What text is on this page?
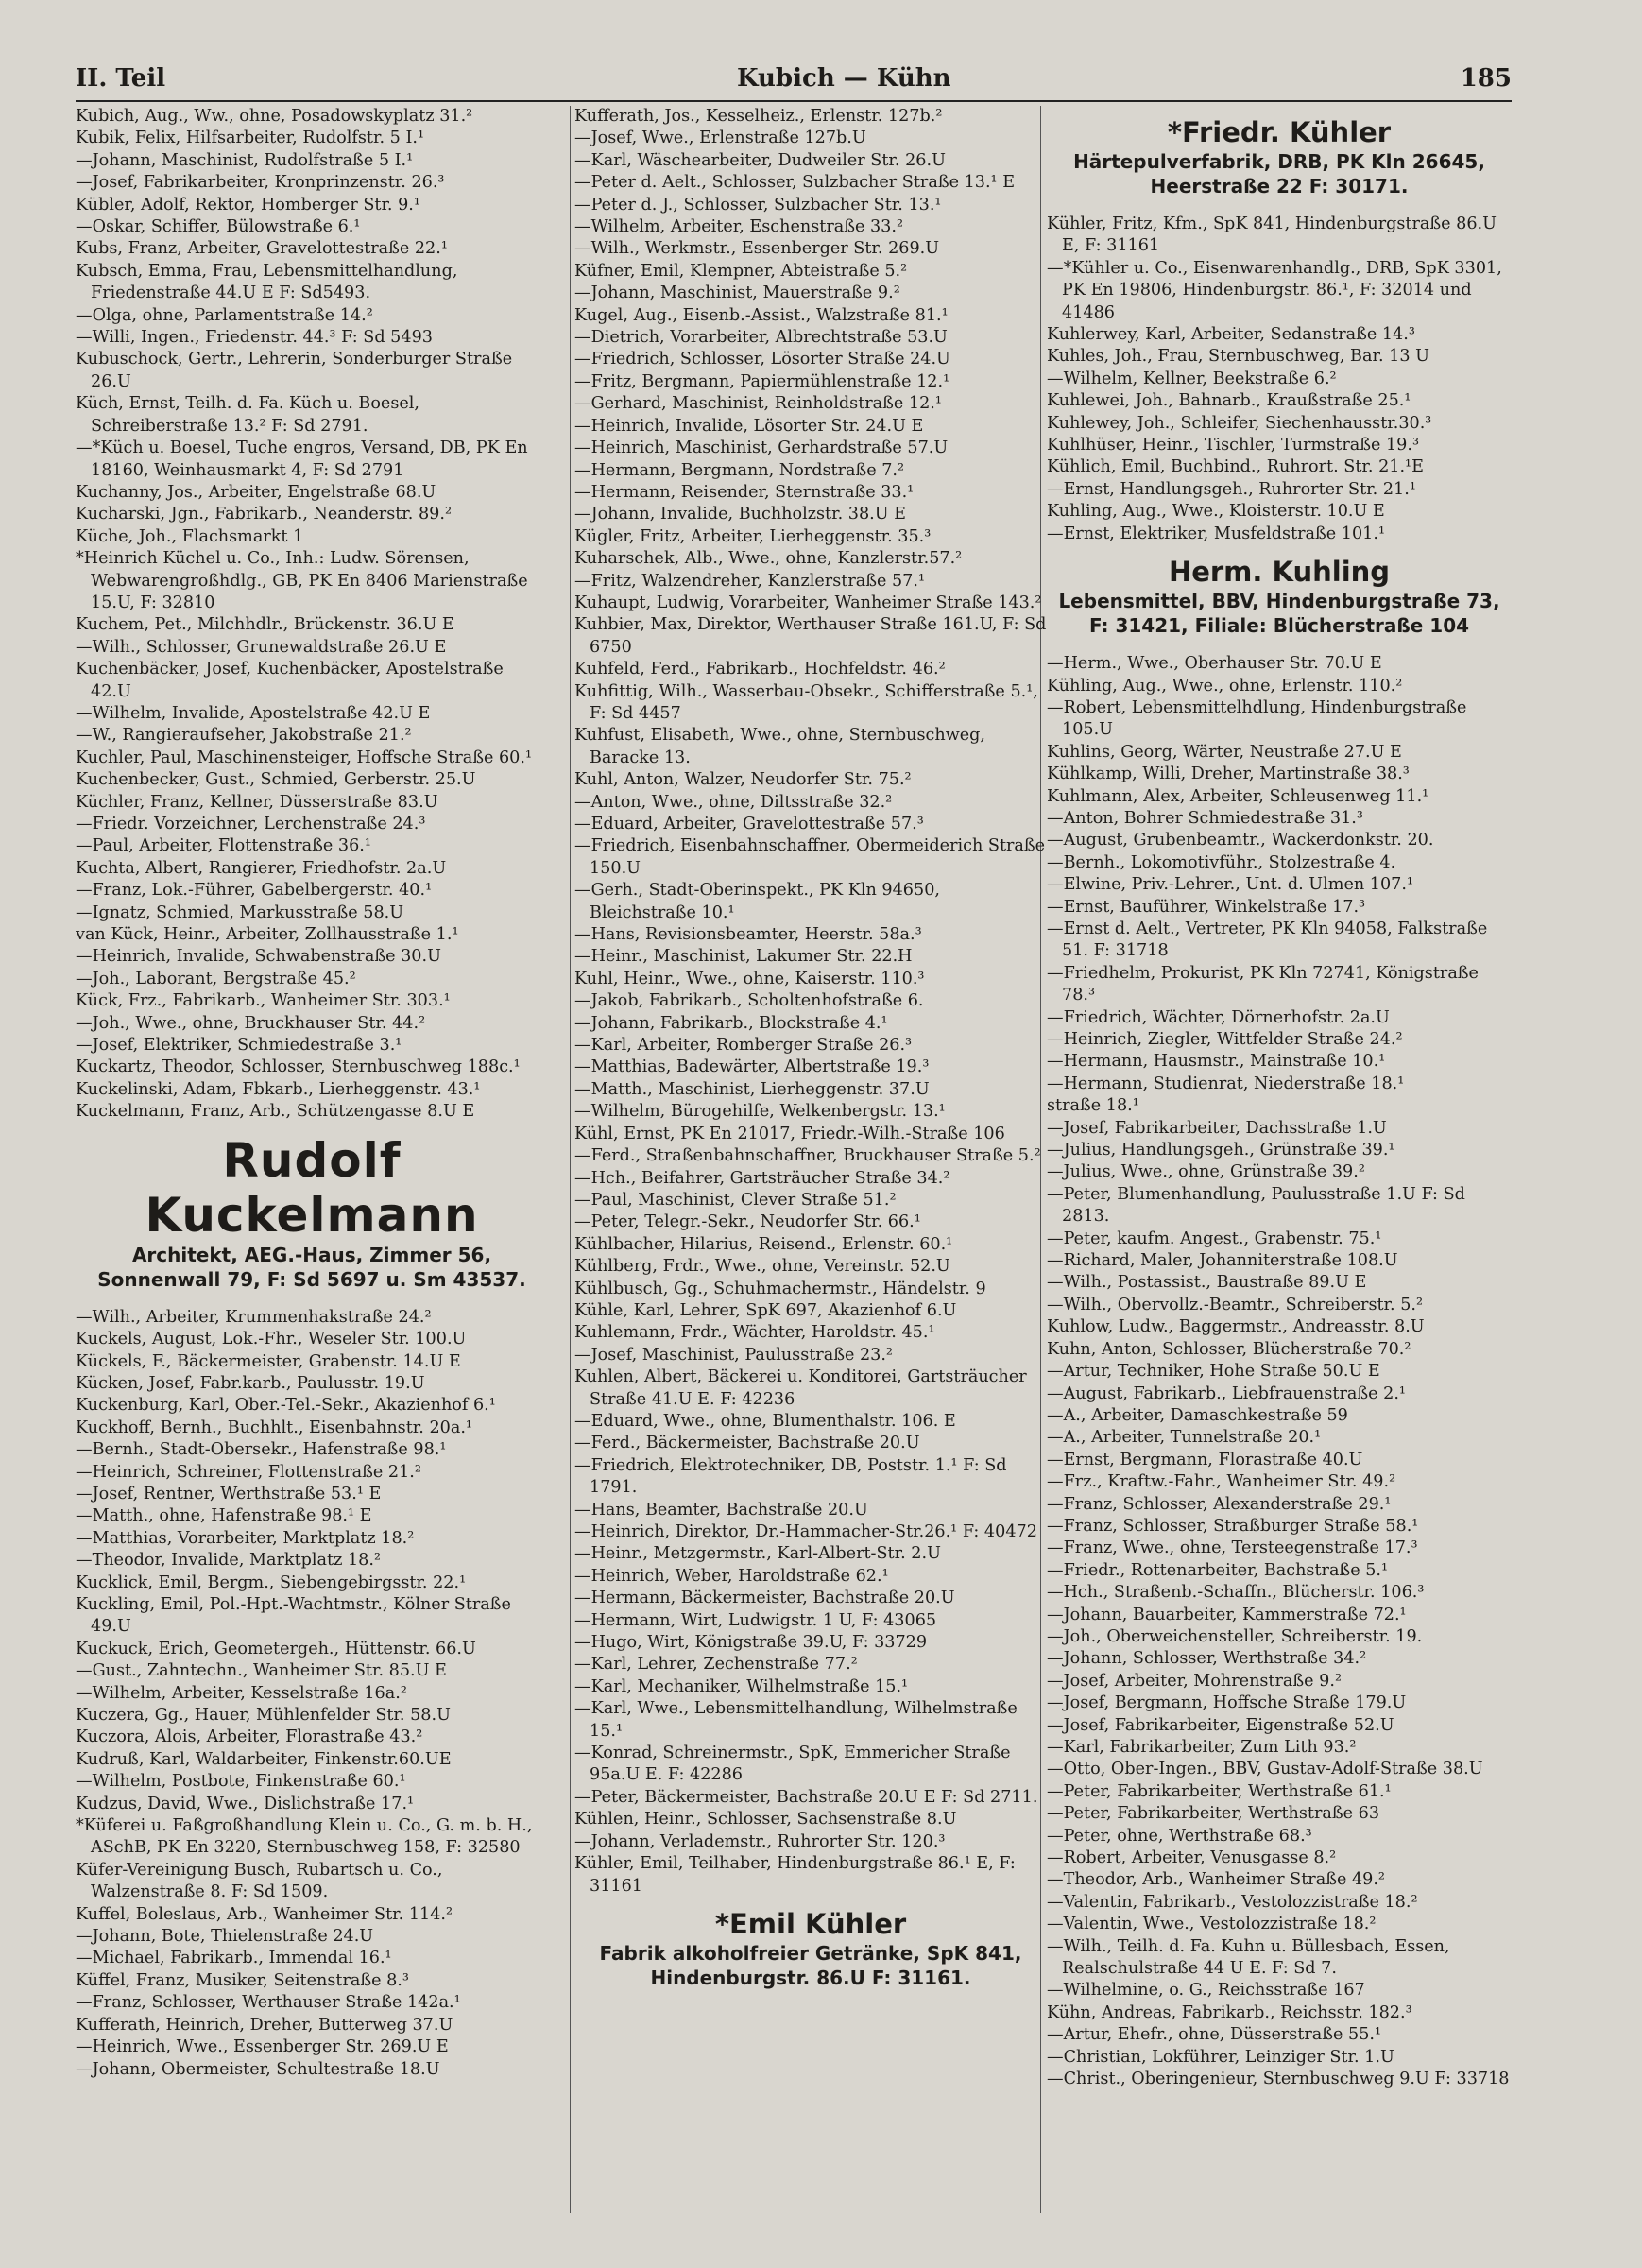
II. Teil	Kubich — Kühn	185

Kubich, Aug., Ww., ohne, Posadowskyplatz 31.²

Kubik, Felix, Hilfsarbeiter, Rudolfstr. 5 I.¹

—Johann, Maschinist, Rudolfstraße 5 I.¹

—Josef, Fabrikarbeiter, Kronprinzenstr. 26.³

Kübler, Adolf, Rektor, Homberger Str. 9.¹

—Oskar, Schiffer, Bülowstraße 6.¹

Kubs, Franz, Arbeiter, Gravelottestraße 22.¹

Kubsch, Emma, Frau, Lebensmittelhandlung, Friedenstraße 44.U E F: Sd5493.

—Olga, ohne, Parlamentstraße 14.²

—Willi, Ingen., Friedenstr. 44.³ F: Sd 5493

Kubuschock, Gertr., Lehrerin, Sonderburger Straße 26.U

Küch, Ernst, Teilh. d. Fa. Küch u. Boesel, Schreiberstraße 13.² F: Sd 2791.

—*Küch u. Boesel, Tuche engros, Versand, DB, PK En 18160, Weinhausmarkt 4, F: Sd 2791

Kuchanny, Jos., Arbeiter, Engelstraße 68.U

Kucharski, Jgn., Fabrikarb., Neanderstr. 89.²

Küche, Joh., Flachsmarkt 1

*Heinrich Küchel u. Co., Inh.: Ludw. Sörensen, Webwarengroßhdlg., GB, PK En 8406 Marienstraße 15.U, F: 32810

Kuchem, Pet., Milchhdlr., Brückenstr. 36.U E

—Wilh., Schlosser, Grunewaldstraße 26.U E

Kuchenbäcker, Josef, Kuchenbäcker, Apostelstraße 42.U

—Wilhelm, Invalide, Apostelstraße 42.U E

—W., Rangieraufseher, Jakobstraße 21.²

Kuchler, Paul, Maschinensteiger, Hoffsche Straße 60.¹

Kuchenbecker, Gust., Schmied, Gerberstr. 25.U

Küchler, Franz, Kellner, Düsserstraße 83.U

—Friedr. Vorzeichner, Lerchenstraße 24.³

—Paul, Arbeiter, Flottenstraße 36.¹

Kuchta, Albert, Rangierer, Friedhofstr. 2a.U

—Franz, Lok.-Führer, Gabelbergerstr. 40.¹

—Ignatz, Schmied, Markusstraße 58.U

van Kück, Heinr., Arbeiter, Zollhausstraße 1.¹

—Heinrich, Invalide, Schwabenstraße 30.U

—Joh., Laborant, Bergstraße 45.²

Kück, Frz., Fabrikarb., Wanheimer Str. 303.¹

—Joh., Wwe., ohne, Bruckhauser Str. 44.²

—Josef, Elektriker, Schmiedestraße 3.¹

Kuckartz, Theodor, Schlosser, Sternbuschweg 188c.¹

Kuckelinski, Adam, Fbkarb., Lierheggenstr. 43.¹

Kuckelmann, Franz, Arb., Schützengasse 8.U E

Rudolf Kuckelmann
Architekt, AEG.-Haus, Zimmer 56,
Sonnenwall 79, F: Sd 5697 u. Sm 43537.

—Wilh., Arbeiter, Krummenhakstraße 24.²

Kuckels, August, Lok.-Fhr., Weseler Str. 100.U

Kückels, F., Bäckermeister, Grabenstr. 14.U E

Kücken, Josef, Fabr.karb., Paulusstr. 19.U

Kuckenburg, Karl, Ober.-Tel.-Sekr., Akazienhof 6.¹

Kuckhoff, Bernh., Buchhlt., Eisenbahnstr. 20a.¹

—Bernh., Stadt-Obersekr., Hafenstraße 98.¹

—Heinrich, Schreiner, Flottenstraße 21.²

—Josef, Rentner, Werthstraße 53.¹ E

—Matth., ohne, Hafenstraße 98.¹ E

—Matthias, Vorarbeiter, Marktplatz 18.²

—Theodor, Invalide, Marktplatz 18.²

Kucklick, Emil, Bergm., Siebengebirgsstr. 22.¹

Kuckling, Emil, Pol.-Hpt.-Wachtmstr., Kölner Straße 49.U

Kuckuck, Erich, Geometergeh., Hüttenstr. 66.U

—Gust., Zahntechn., Wanheimer Str. 85.U E

—Wilhelm, Arbeiter, Kesselstraße 16a.²

Kuczera, Gg., Hauer, Mühlenfelder Str. 58.U

Kuczora, Alois, Arbeiter, Florastraße 43.²

Kudruß, Karl, Waldarbeiter, Finkenstr.60.UE

—Wilhelm, Postbote, Finkenstraße 60.¹

Kudzus, David, Wwe., Dislichstraße 17.¹

*Küferei u. Faßgroßhandlung Klein u. Co., G. m. b. H., ASchB, PK En 3220, Sternbuschweg 158, F: 32580

Küfer-Vereinigung Busch, Rubartsch u. Co., Walzenstraße 8. F: Sd 1509.

Kuffel, Boleslaus, Arb., Wanheimer Str. 114.²

—Johann, Bote, Thielenstraße 24.U

—Michael, Fabrikarb., Immendal 16.¹

Küffel, Franz, Musiker, Seitenstraße 8.³

—Franz, Schlosser, Werthauser Straße 142a.¹

Kufferath, Heinrich, Dreher, Butterweg 37.U

—Heinrich, Wwe., Essenberger Str. 269.U E

—Johann, Obermeister, Schultestraße 18.U

Kufferath, Jos., Kesselheiz., Erlenstr. 127b.²

—Josef, Wwe., Erlenstraße 127b.U

—Karl, Wäschearbeiter, Dudweiler Str. 26.U

—Peter d. Aelt., Schlosser, Sulzbacher Straße 13.¹ E

—Peter d. J., Schlosser, Sulzbacher Str. 13.¹

—Wilhelm, Arbeiter, Eschenstraße 33.²

—Wilh., Werkmstr., Essenberger Str. 269.U

Küfner, Emil, Klempner, Abteistraße 5.²

—Johann, Maschinist, Mauerstraße 9.²

Kugel, Aug., Eisenb.-Assist., Walzstraße 81.¹

—Dietrich, Vorarbeiter, Albrechtstraße 53.U

—Friedrich, Schlosser, Lösorter Straße 24.U

—Fritz, Bergmann, Papiermühlenstraße 12.¹

—Gerhard, Maschinist, Reinholdstraße 12.¹

—Heinrich, Invalide, Lösorter Str. 24.U E

—Heinrich, Maschinist, Gerhardstraße 57.U

—Hermann, Bergmann, Nordstraße 7.²

—Hermann, Reisender, Sternstraße 33.¹

—Johann, Invalide, Buchholzstr. 38.U E

Kügler, Fritz, Arbeiter, Lierheggenstr. 35.³

Kuharschek, Alb., Wwe., ohne, Kanzlerstr.57.²

—Fritz, Walzendreher, Kanzlerstraße 57.¹

Kuhaupt, Ludwig, Vorarbeiter, Wanheimer Straße 143.²

Kuhbier, Max, Direktor, Werthauser Straße 161.U, F: Sd 6750

Kuhfeld, Ferd., Fabrikarb., Hochfeldstr. 46.²

Kuhfittig, Wilh., Wasserbau-Obsekr., Schifferstraße 5.¹, F: Sd 4457

Kuhfust, Elisabeth, Wwe., ohne, Sternbuschweg, Baracke 13.

Kuhl, Anton, Walzer, Neudorfer Str. 75.²

—Anton, Wwe., ohne, Diltsstraße 32.²

—Eduard, Arbeiter, Gravelottestraße 57.³

—Friedrich, Eisenbahnschaffner, Obermeiderich Straße 150.U

—Gerh., Stadt-Oberinspekt., PK Kln 94650, Bleichstraße 10.¹

—Hans, Revisionsbeamter, Heerstr. 58a.³

—Heinr., Maschinist, Lakumer Str. 22.H

Kuhl, Heinr., Wwe., ohne, Kaiserstr. 110.³

—Jakob, Fabrikarb., Scholtenhofstraße 6.

—Johann, Fabrikarb., Blockstraße 4.¹

—Karl, Arbeiter, Romberger Straße 26.³

—Matthias, Badewärter, Albertstraße 19.³

—Matth., Maschinist, Lierheggenstr. 37.U

—Wilhelm, Bürogehilfe, Welkenbergstr. 13.¹

Kühl, Ernst, PK En 21017, Friedr.-Wilh.-Straße 106

—Ferd., Straßenbahnschaffner, Bruckhauser Straße 5.²

—Hch., Beifahrer, Gartsträucher Straße 34.²

—Paul, Maschinist, Clever Straße 51.²

—Peter, Telegr.-Sekr., Neudorfer Str. 66.¹

Kühlbacher, Hilarius, Reisend., Erlenstr. 60.¹

Kühlberg, Frdr., Wwe., ohne, Vereinstr. 52.U

Kühlbusch, Gg., Schuhmachermstr., Händelstr. 9

Kühle, Karl, Lehrer, SpK 697, Akazienhof 6.U

Kuhlemann, Frdr., Wächter, Haroldstr. 45.¹

—Josef, Maschinist, Paulusstraße 23.²

Kuhlen, Albert, Bäckerei u. Konditorei, Gartsträucher Straße 41.U E. F: 42236

—Eduard, Wwe., ohne, Blumenthalstr. 106. E

—Ferd., Bäckermeister, Bachstraße 20.U

—Friedrich, Elektrotechniker, DB, Poststr. 1.¹ F: Sd 1791.

—Hans, Beamter, Bachstraße 20.U

—Heinrich, Direktor, Dr.-Hammacher-Str.26.¹ F: 40472

—Heinr., Metzgermstr., Karl-Albert-Str. 2.U

—Heinrich, Weber, Haroldstraße 62.¹

—Hermann, Bäckermeister, Bachstraße 20.U

—Hermann, Wirt, Ludwigstr. 1 U, F: 43065

—Hugo, Wirt, Königstraße 39.U, F: 33729

—Karl, Lehrer, Zechenstraße 77.²

—Karl, Mechaniker, Wilhelmstraße 15.¹

—Karl, Wwe., Lebensmittelhandlung, Wilhelmstraße 15.¹

—Konrad, Schreinermstr., SpK, Emmericher Straße 95a.U E. F: 42286

—Peter, Bäckermeister, Bachstraße 20.U E F: Sd 2711.

Kühlen, Heinr., Schlosser, Sachsenstraße 8.U

—Johann, Verlademstr., Ruhrorter Str. 120.³

Kühler, Emil, Teilhaber, Hindenburgstraße 86.¹ E, F: 31161

*Emil Kühler
Fabrik alkoholfreier Getränke, SpK 841,
Hindenburgstr. 86.U F: 31161.
*Friedr. Kühler
Härtepulverfabrik, DRB, PK Kln 26645,
Heerstraße 22 F: 30171.

Kühler, Fritz, Kfm., SpK 841, Hindenburgstraße 86.U E, F: 31161

—*Kühler u. Co., Eisenwarenhandlg., DRB, SpK 3301, PK En 19806, Hindenburgstr. 86.¹, F: 32014 und 41486

Kuhlerwey, Karl, Arbeiter, Sedanstraße 14.³

Kuhles, Joh., Frau, Sternbuschweg, Bar. 13 U

—Wilhelm, Kellner, Beekstraße 6.²

Kuhlewei, Joh., Bahnarb., Kraußstraße 25.¹

Kuhlewey, Joh., Schleifer, Siechenhausstr.30.³

Kuhlhüser, Heinr., Tischler, Turmstraße 19.³

Kühlich, Emil, Buchbind., Ruhrort. Str. 21.¹E

—Ernst, Handlungsgeh., Ruhrorter Str. 21.¹

Kuhling, Aug., Wwe., Kloisterstr. 10.U E

—Ernst, Elektriker, Musfeldstraße 101.¹

Herm. Kuhling
Lebensmittel, BBV, Hindenburgstraße 73,
F: 31421, Filiale: Blücherstraße 104

—Herm., Wwe., Oberhauser Str. 70.U E

Kühling, Aug., Wwe., ohne, Erlenstr. 110.²

—Robert, Lebensmittelhdlung, Hindenburgstraße 105.U

Kuhlins, Georg, Wärter, Neustraße 27.U E

Kühlkamp, Willi, Dreher, Martinstraße 38.³

Kuhlmann, Alex, Arbeiter, Schleusenweg 11.¹

—Anton, Bohrer Schmiedestraße 31.³

—August, Grubenbeamtr., Wackerdonkstr. 20.

—Bernh., Lokomotivführ., Stolzestraße 4.

—Elwine, Priv.-Lehrer., Unt. d. Ulmen 107.¹

—Ernst, Bauführer, Winkelstraße 17.³

—Ernst d. Aelt., Vertreter, PK Kln 94058, Falkstraße 51. F: 31718

—Friedhelm, Prokurist, PK Kln 72741, Königstraße 78.³

—Friedrich, Wächter, Dörnerhofstr. 2a.U

—Heinrich, Ziegler, Wittfelder Straße 24.²

—Hermann, Hausmstr., Mainstraße 10.¹

—Hermann, Studienrat, Niederstraße 18.¹

straße 18.¹

—Josef, Fabrikarbeiter, Dachsstraße 1.U

—Julius, Handlungsgeh., Grünstraße 39.¹

—Julius, Wwe., ohne, Grünstraße 39.²

—Peter, Blumenhandlung, Paulusstraße 1.U F: Sd 2813.

—Peter, kaufm. Angest., Grabenstr. 75.¹

—Richard, Maler, Johanniterstraße 108.U

—Wilh., Postassist., Baustraße 89.U E

—Wilh., Obervollz.-Beamtr., Schreiberstr. 5.²

Kuhlow, Ludw., Baggermstr., Andreasstr. 8.U

Kuhn, Anton, Schlosser, Blücherstraße 70.²

—Artur, Techniker, Hohe Straße 50.U E

—August, Fabrikarb., Liebfrauenstraße 2.¹

—A., Arbeiter, Damaschkestraße 59

—A., Arbeiter, Tunnelstraße 20.¹

—Ernst, Bergmann, Florastraße 40.U

—Frz., Kraftw.-Fahr., Wanheimer Str. 49.²

—Franz, Schlosser, Alexanderstraße 29.¹

—Franz, Schlosser, Straßburger Straße 58.¹

—Franz, Wwe., ohne, Tersteegenstraße 17.³

—Friedr., Rottenarbeiter, Bachstraße 5.¹

—Hch., Straßenb.-Schaffn., Blücherstr. 106.³

—Johann, Bauarbeiter, Kammerstraße 72.¹

—Joh., Oberweichensteller, Schreiberstr. 19.

—Johann, Schlosser, Werthstraße 34.²

—Josef, Arbeiter, Mohrenstraße 9.²

—Josef, Bergmann, Hoffsche Straße 179.U

—Josef, Fabrikarbeiter, Eigenstraße 52.U

—Karl, Fabrikarbeiter, Zum Lith 93.²

—Otto, Ober-Ingen., BBV, Gustav-Adolf-Straße 38.U

—Peter, Fabrikarbeiter, Werthstraße 61.¹

—Peter, Fabrikarbeiter, Werthstraße 63

—Peter, ohne, Werthstraße 68.³

—Robert, Arbeiter, Venusgasse 8.²

—Theodor, Arb., Wanheimer Straße 49.²

—Valentin, Fabrikarb., Vestolozzistraße 18.²

—Valentin, Wwe., Vestolozzistraße 18.²

—Wilh., Teilh. d. Fa. Kuhn u. Büllesbach, Essen, Realschulstraße 44 U E. F: Sd 7.

—Wilhelmine, o. G., Reichsstraße 167

Kühn, Andreas, Fabrikarb., Reichsstr. 182.³

—Artur, Ehefr., ohne, Düsserstraße 55.¹

—Christian, Lokführer, Leinziger Str. 1.U

—Christ., Oberingenieur, Sternbuschweg 9.U F: 33718
